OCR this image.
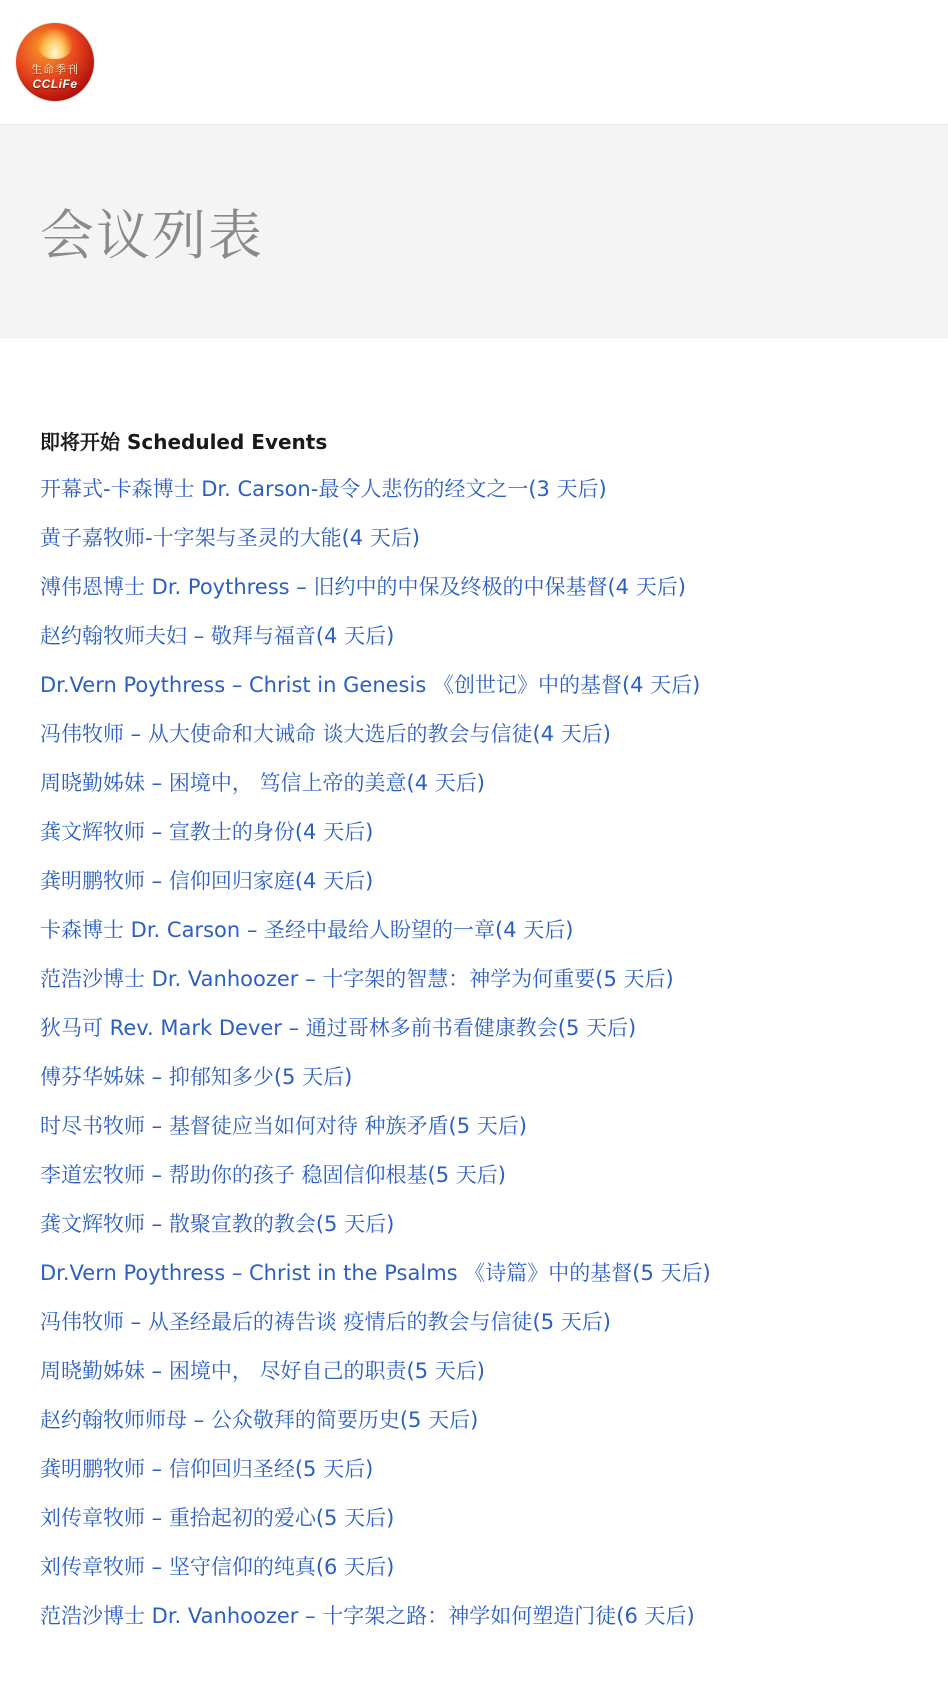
生命季刊
CCLiFe
会议列表
即将开始 Scheduled Events
开幕式-卡森博士 Dr. Carson-最令人悲伤的经文之一(3 天后)
黄子嘉牧师-十字架与圣灵的大能(4 天后)
溥伟恩博士 Dr. Poythress – 旧约中的中保及终极的中保基督(4 天后)
赵约翰牧师夫妇 – 敬拜与福音(4 天后)
Dr.Vern Poythress – Christ in Genesis 《创世记》中的基督(4 天后)
冯伟牧师 – 从大使命和大诫命 谈大选后的教会与信徒(4 天后)
周晓勤姊妹 – 困境中， 笃信上帝的美意(4 天后)
龚文辉牧师 – 宣教士的身份(4 天后)
龚明鹏牧师 – 信仰回归家庭(4 天后)
卡森博士 Dr. Carson – 圣经中最给人盼望的一章(4 天后)
范浩沙博士 Dr. Vanhoozer – 十字架的智慧：神学为何重要(5 天后)
狄马可 Rev. Mark Dever – 通过哥林多前书看健康教会(5 天后)
傅芬华姊妹 – 抑郁知多少(5 天后)
时尽书牧师 – 基督徒应当如何对待 种族矛盾(5 天后)
李道宏牧师 – 帮助你的孩子 稳固信仰根基(5 天后)
龚文辉牧师 – 散聚宣教的教会(5 天后)
Dr.Vern Poythress – Christ in the Psalms 《诗篇》中的基督(5 天后)
冯伟牧师 – 从圣经最后的祷告谈 疫情后的教会与信徒(5 天后)
周晓勤姊妹 – 困境中， 尽好自己的职责(5 天后)
赵约翰牧师师母 – 公众敬拜的简要历史(5 天后)
龚明鹏牧师 – 信仰回归圣经(5 天后)
刘传章牧师 – 重拾起初的爱心(5 天后)
刘传章牧师 – 坚守信仰的纯真(6 天后)
范浩沙博士 Dr. Vanhoozer – 十字架之路：神学如何塑造门徒(6 天后)
